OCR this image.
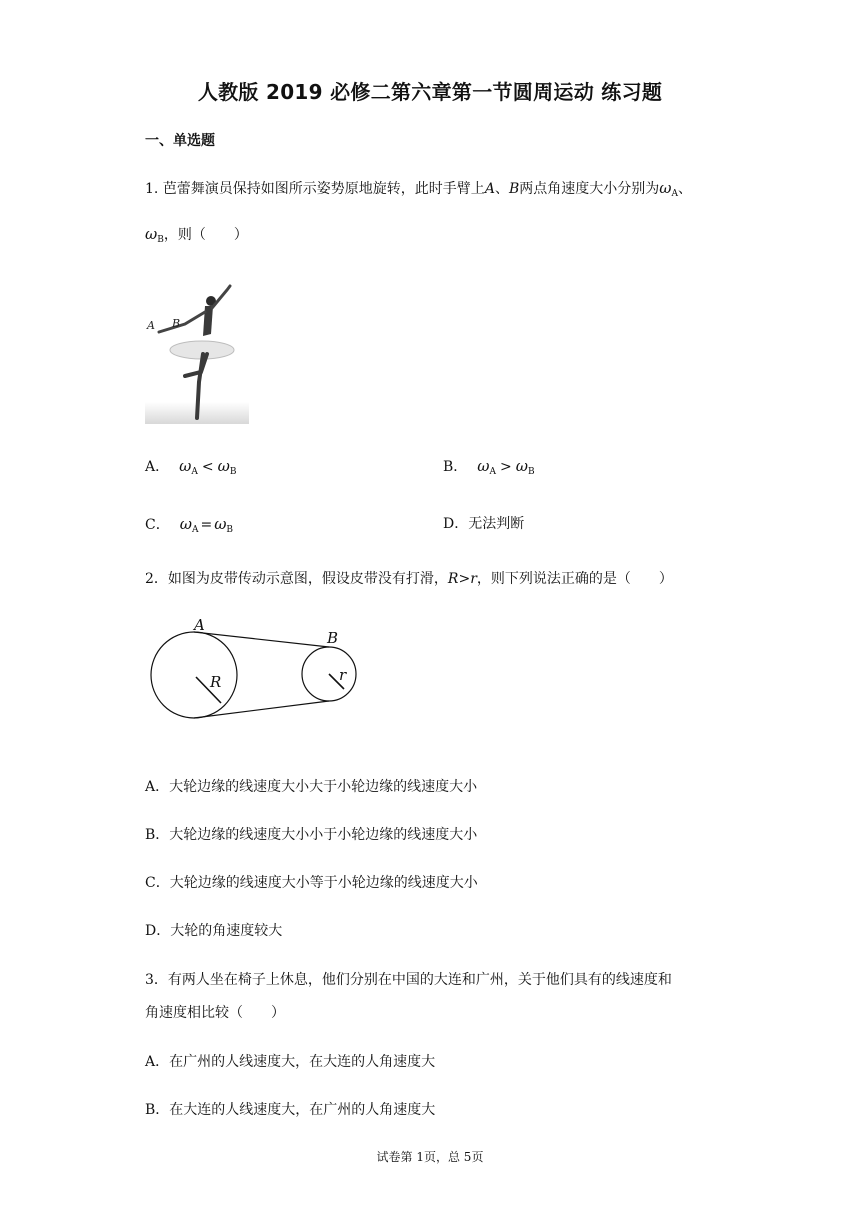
人教版 2019 必修二第六章第一节圆周运动 练习题
一、单选题
1. 芭蕾舞演员保持如图所示姿势原地旋转，此时手臂上A、B两点角速度大小分别为$\omega_A$、
$\omega_B$，则（　　）
A B
A． $\omega_A < \omega_B$	B． $\omega_A > \omega_B$
C． $\omega_A = \omega_B$	D．无法判断
2．如图为皮带传动示意图，假设皮带没有打滑，R>r，则下列说法正确的是（　　）
A
B
R	r
A．大轮边缘的线速度大小大于小轮边缘的线速度大小
B．大轮边缘的线速度大小小于小轮边缘的线速度大小
C．大轮边缘的线速度大小等于小轮边缘的线速度大小
D．大轮的角速度较大
3．有两人坐在椅子上休息，他们分别在中国的大连和广州，关于他们具有的线速度和
角速度相比较（　　）
A．在广州的人线速度大，在大连的人角速度大
B．在大连的人线速度大，在广州的人角速度大
试卷第 1页，总 5页
